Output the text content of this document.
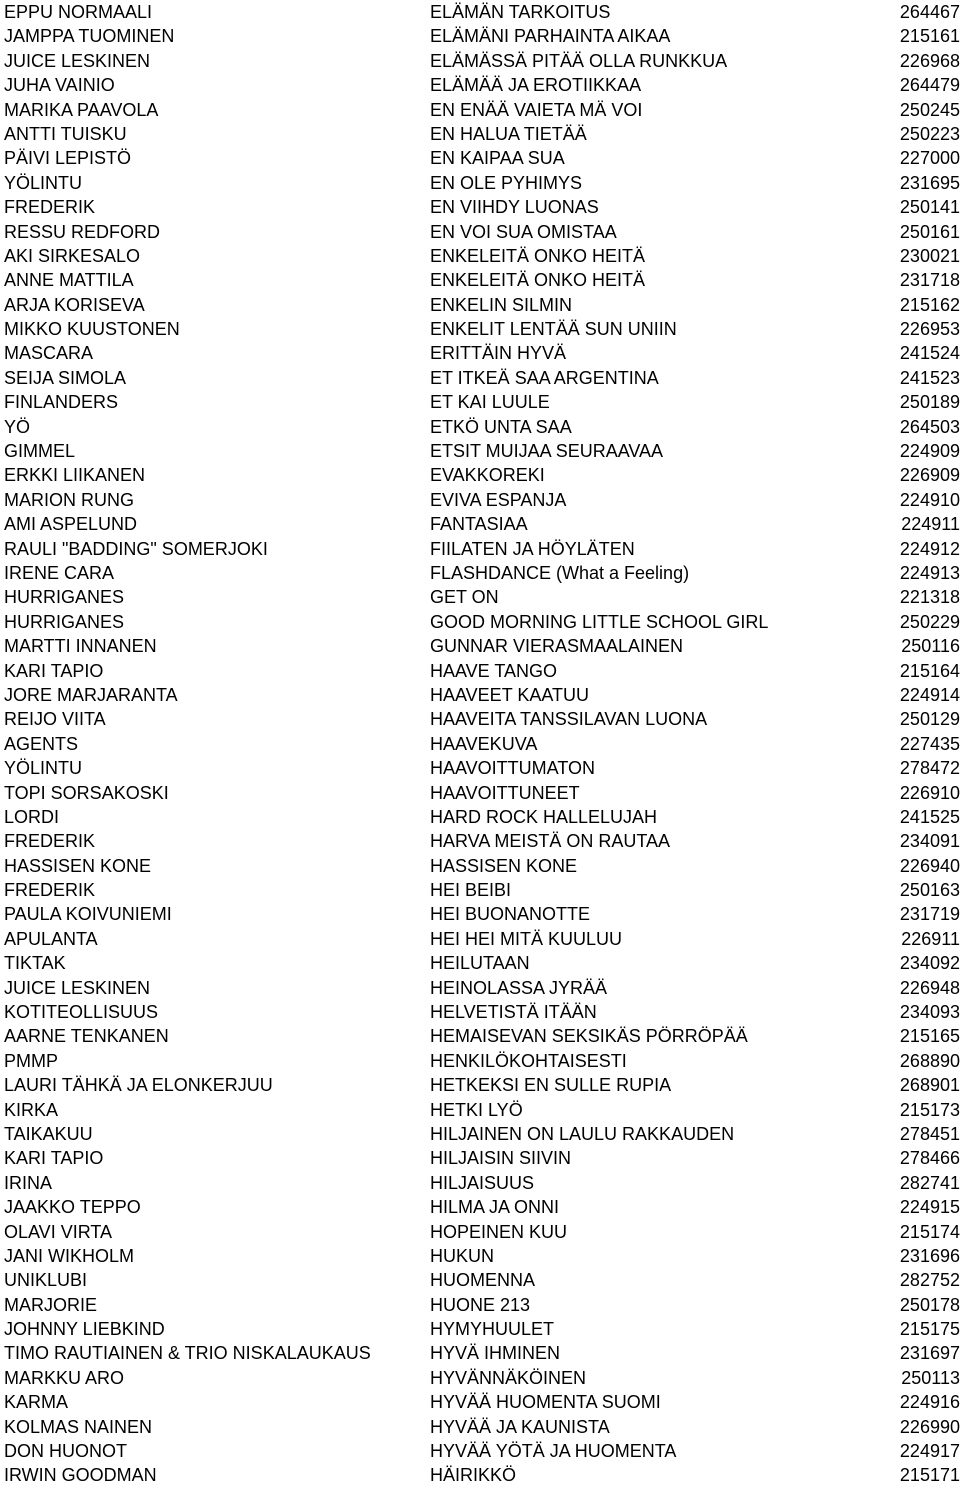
EPPU NORMAALI	ELÄMÄN TARKOITUS	264467
JAMPPA TUOMINEN	ELÄMÄNI PARHAINTA AIKAA	215161
JUICE LESKINEN	ELÄMÄSSÄ PITÄÄ OLLA RUNKKUA	226968
JUHA VAINIO	ELÄMÄÄ JA EROTIIKKAA	264479
MARIKA PAAVOLA	EN ENÄÄ VAIETA MÄ VOI	250245
ANTTI TUISKU	EN HALUA TIETÄÄ	250223
PÄIVI LEPISTÖ	EN KAIPAA SUA	227000
YÖLINTU	EN OLE PYHIMYS	231695
FREDERIK	EN VIIHDY LUONAS	250141
RESSU REDFORD	EN VOI SUA OMISTAA	250161
AKI SIRKESALO	ENKELEITÄ ONKO HEITÄ	230021
ANNE MATTILA	ENKELEITÄ ONKO HEITÄ	231718
ARJA KORISEVA	ENKELIN SILMIN	215162
MIKKO KUUSTONEN	ENKELIT LENTÄÄ SUN UNIIN	226953
MASCARA	ERITTÄIN HYVÄ	241524
SEIJA SIMOLA	ET ITKEÄ SAA ARGENTINA	241523
FINLANDERS	ET KAI LUULE	250189
YÖ	ETKÖ UNTA SAA	264503
GIMMEL	ETSIT MUIJAA SEURAAVAA	224909
ERKKI LIIKANEN	EVAKKOREKI	226909
MARION RUNG	EVIVA ESPANJA	224910
AMI ASPELUND	FANTASIAA	224911
RAULI "BADDING" SOMERJOKI	FIILATEN JA HÖYLÄTEN	224912
IRENE CARA	FLASHDANCE (What a Feeling)	224913
HURRIGANES	GET ON	221318
HURRIGANES	GOOD MORNING LITTLE SCHOOL GIRL	250229
MARTTI INNANEN	GUNNAR VIERASMAALAINEN	250116
KARI TAPIO	HAAVE TANGO	215164
JORE MARJARANTA	HAAVEET KAATUU	224914
REIJO VIITA	HAAVEITA TANSSILAVAN LUONA	250129
AGENTS	HAAVEKUVA	227435
YÖLINTU	HAAVOITTUMATON	278472
TOPI SORSAKOSKI	HAAVOITTUNEET	226910
LORDI	HARD ROCK HALLELUJAH	241525
FREDERIK	HARVA MEISTÄ ON RAUTAA	234091
HASSISEN KONE	HASSISEN KONE	226940
FREDERIK	HEI BEIBI	250163
PAULA KOIVUNIEMI	HEI BUONANOTTE	231719
APULANTA	HEI HEI MITÄ KUULUU	226911
TIKTAK	HEILUTAAN	234092
JUICE LESKINEN	HEINOLASSA JYRÄÄ	226948
KOTITEOLLISUUS	HELVETISTÄ ITÄÄN	234093
AARNE TENKANEN	HEMAISEVAN SEKSIKÄS PÖRRÖPÄÄ	215165
PMMP	HENKILÖKOHTAISESTI	268890
LAURI TÄHKÄ JA ELONKERJUU	HETKEKSI EN SULLE RUPIA	268901
KIRKA	HETKI LYÖ	215173
TAIKAKUU	HILJAINEN ON LAULU RAKKAUDEN	278451
KARI TAPIO	HILJAISIN SIIVIN	278466
IRINA	HILJAISUUS	282741
JAAKKO TEPPO	HILMA JA ONNI	224915
OLAVI VIRTA	HOPEINEN KUU	215174
JANI WIKHOLM	HUKUN	231696
UNIKLUBI	HUOMENNA	282752
MARJORIE	HUONE 213	250178
JOHNNY LIEBKIND	HYMYHUULET	215175
TIMO RAUTIAINEN & TRIO NISKALAUKAUS	HYVÄ IHMINEN	231697
MARKKU ARO	HYVÄNNÄKÖINEN	250113
KARMA	HYVÄÄ HUOMENTA SUOMI	224916
KOLMAS NAINEN	HYVÄÄ JA KAUNISTA	226990
DON HUONOT	HYVÄÄ YÖTÄ JA HUOMENTA	224917
IRWIN GOODMAN	HÄIRIKKÖ	215171
